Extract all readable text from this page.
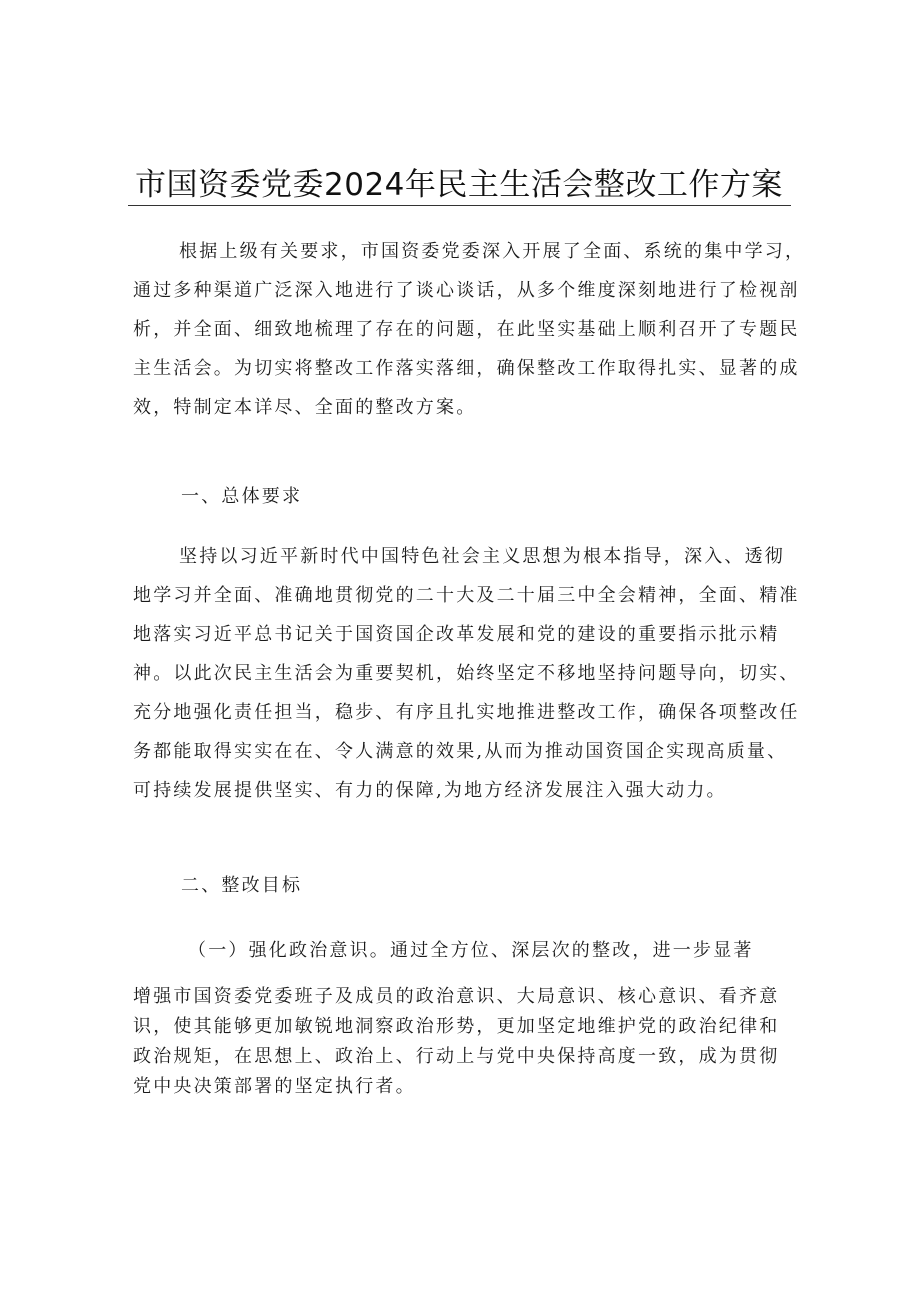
市国资委党委2024年民主生活会整改工作方案
根据上级有关要求，市国资委党委深入开展了全面、系统的集中学习，
通过多种渠道广泛深入地进行了谈心谈话，从多个维度深刻地进行了检视剖
析，并全面、细致地梳理了存在的问题，在此坚实基础上顺利召开了专题民
主生活会。为切实将整改工作落实落细，确保整改工作取得扎实、显著的成
效，特制定本详尽、全面的整改方案。
一、总体要求
坚持以习近平新时代中国特色社会主义思想为根本指导，深入、透彻
地学习并全面、准确地贯彻党的二十大及二十届三中全会精神，全面、精准
地落实习近平总书记关于国资国企改革发展和党的建设的重要指示批示精
神。以此次民主生活会为重要契机，始终坚定不移地坚持问题导向，切实、
充分地强化责任担当，稳步、有序且扎实地推进整改工作，确保各项整改任
务都能取得实实在在、令人满意的效果,从而为推动国资国企实现高质量、
可持续发展提供坚实、有力的保障,为地方经济发展注入强大动力。
二、整改目标
（一）强化政治意识。通过全方位、深层次的整改，进一步显著
增强市国资委党委班子及成员的政治意识、大局意识、核心意识、看齐意
识，使其能够更加敏锐地洞察政治形势，更加坚定地维护党的政治纪律和
政治规矩，在思想上、政治上、行动上与党中央保持高度一致，成为贯彻
党中央决策部署的坚定执行者。
